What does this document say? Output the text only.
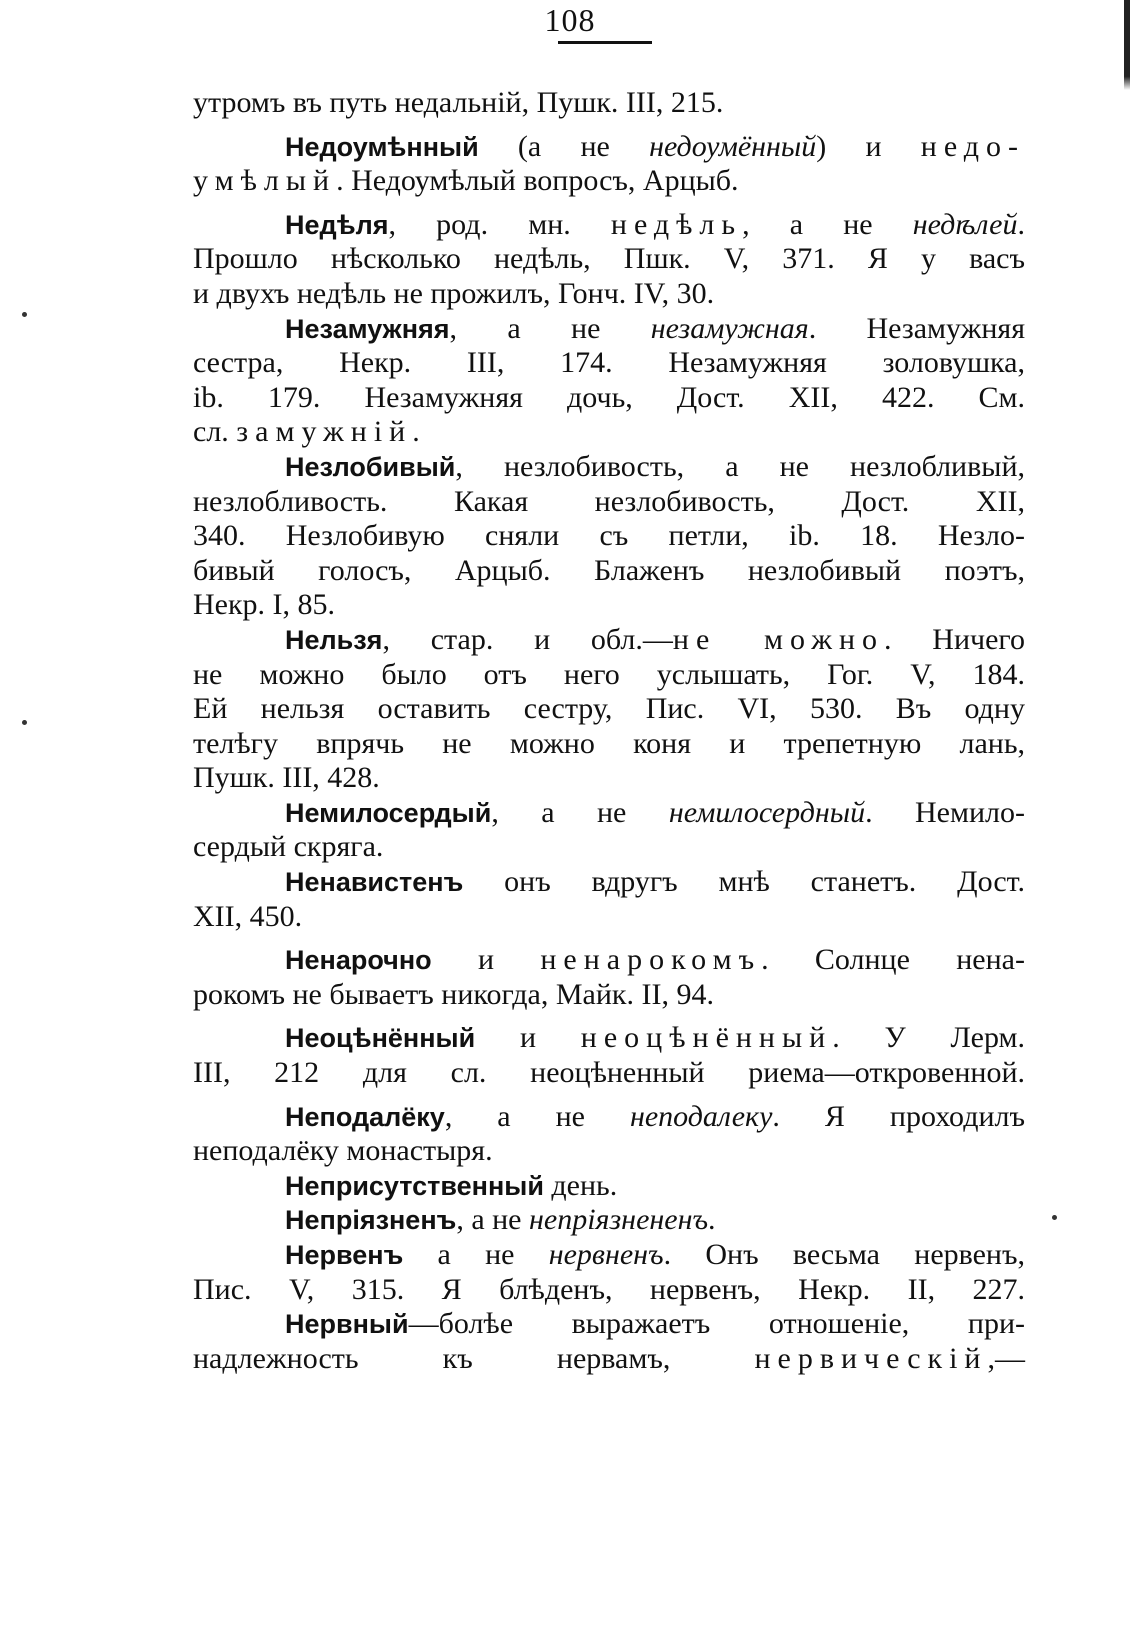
108
утромъ въ путь недальній, Пушк. III, 215.
Недоумѣнный (а не недоумённый) и недо-
умѣлый. Недоумѣлый вопросъ, Арцыб.
Недѣля, род. мн. недѣль, а не недѣлей.
Прошло нѣсколько недѣль, Пшк. V, 371. Я у васъ
и двухъ недѣль не прожилъ, Гонч. IV, 30.
Незамужняя, а не незамужная. Незамужняя
сестра, Некр. III, 174. Незамужняя золовушка,
ib. 179. Незамужняя дочь, Дост. XII, 422. См.
сл. замужній.
Незлобивый, незлобивость, а не незлобливый,
незлобливость. Какая незлобивость, Дост. XII,
340. Незлобивую сняли съ петли, ib. 18. Незло-
бивый голосъ, Арцыб. Блаженъ незлобивый поэтъ,
Некр. I, 85.
Нельзя, стар. и обл.—не можно. Ничего
не можно было отъ него услышать, Гог. V, 184.
Ей нельзя оставить сестру, Пис. VI, 530. Въ одну
телѣгу впрячь не можно коня и трепетную лань,
Пушк. III, 428.
Немилосердый, а не немилосердный. Немило-
сердый скряга.
Ненавистенъ онъ вдругъ мнѣ станетъ. Дост.
XII, 450.
Ненарочно и ненарокомъ. Солнце нена-
рокомъ не бываетъ никогда, Майк. II, 94.
Неоцѣнённый и неоцѣнённый. У Лерм.
III, 212 для сл. неоцѣненный риема—откровенной.
Неподалёку, а не неподалеку. Я проходилъ
неподалёку монастыря.
Неприсутственный день.
Непріязненъ, а не непріязнененъ.
Нервенъ а не нервненъ. Онъ весьма нервенъ,
Пис. V, 315. Я блѣденъ, нервенъ, Некр. II, 227.
Нервный—болѣе выражаетъ отношеніе, при-
надлежность къ нервамъ, нервическій,—
